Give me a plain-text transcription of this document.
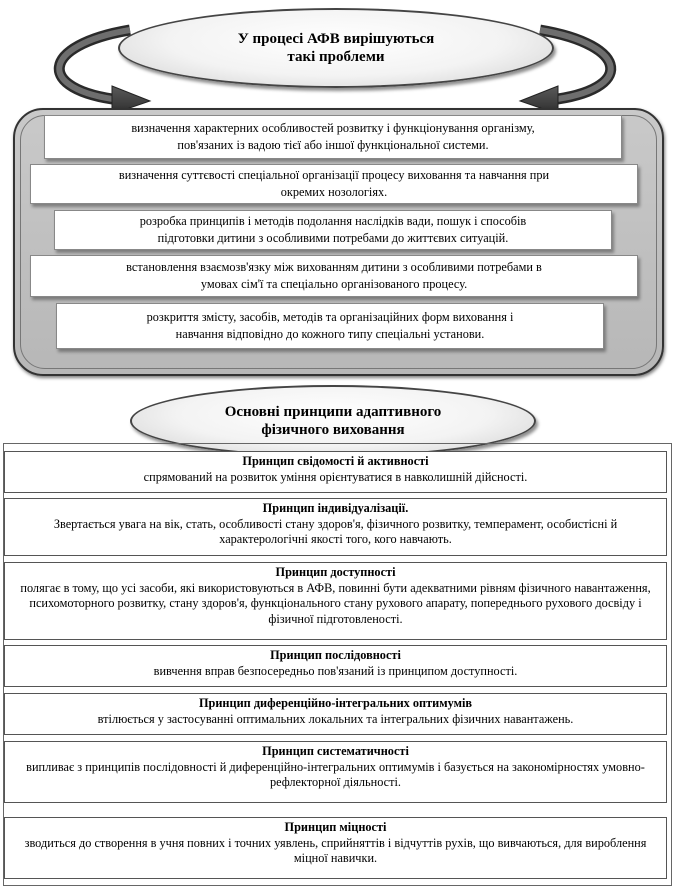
У процесі АФВ вирішуються
такі проблеми
визначення характерних особливостей розвитку і функціонування організму,
пов'язаних із вадою тієї або іншої функціональної системи.
визначення суттєвості спеціальної організації процесу виховання та навчання при
окремих нозологіях.
розробка принципів і методів подолання наслідків вади, пошук і способів
підготовки дитини з особливими потребами до життєвих ситуацій.
встановлення взаємозв'язку між вихованням дитини з особливими потребами в
умовах сім'ї та спеціально організованого процесу.
розкриття змісту, засобів, методів та організаційних форм виховання і
навчання відповідно до кожного типу спеціальні установи.
Основні принципи адаптивного
фізичного виховання
Принцип свідомості й активності
спрямований на розвиток уміння орієнтуватися в навколишній дійсності.
Принцип індивідуалізації.
Звертається увага на вік, стать, особливості стану здоров'я, фізичного розвитку, темперамент, особистісні й характерологічні якості того, кого навчають.
Принцип доступності
полягає в тому, що усі засоби, які використовуються в АФВ, повинні бути адекватними рівням фізичного навантаження, психомоторного розвитку, стану здоров'я, функціонального стану рухового апарату, попереднього рухового досвіду і фізичної підготовленості.
Принцип послідовності
вивчення вправ безпосередньо пов'язаний із принципом доступності.
Принцип диференційно-інтегральних оптимумів
втілюється у застосуванні оптимальних локальних та інтегральних фізичних навантажень.
Принцип систематичності
випливає з принципів послідовності й диференційно-інтегральних оптимумів і базується на закономірностях умовно-рефлекторної діяльності.
Принцип міцності
зводиться до створення в учня повних і точних уявлень, сприйняттів і відчуттів рухів, що вивчаються, для вироблення міцної навички.
